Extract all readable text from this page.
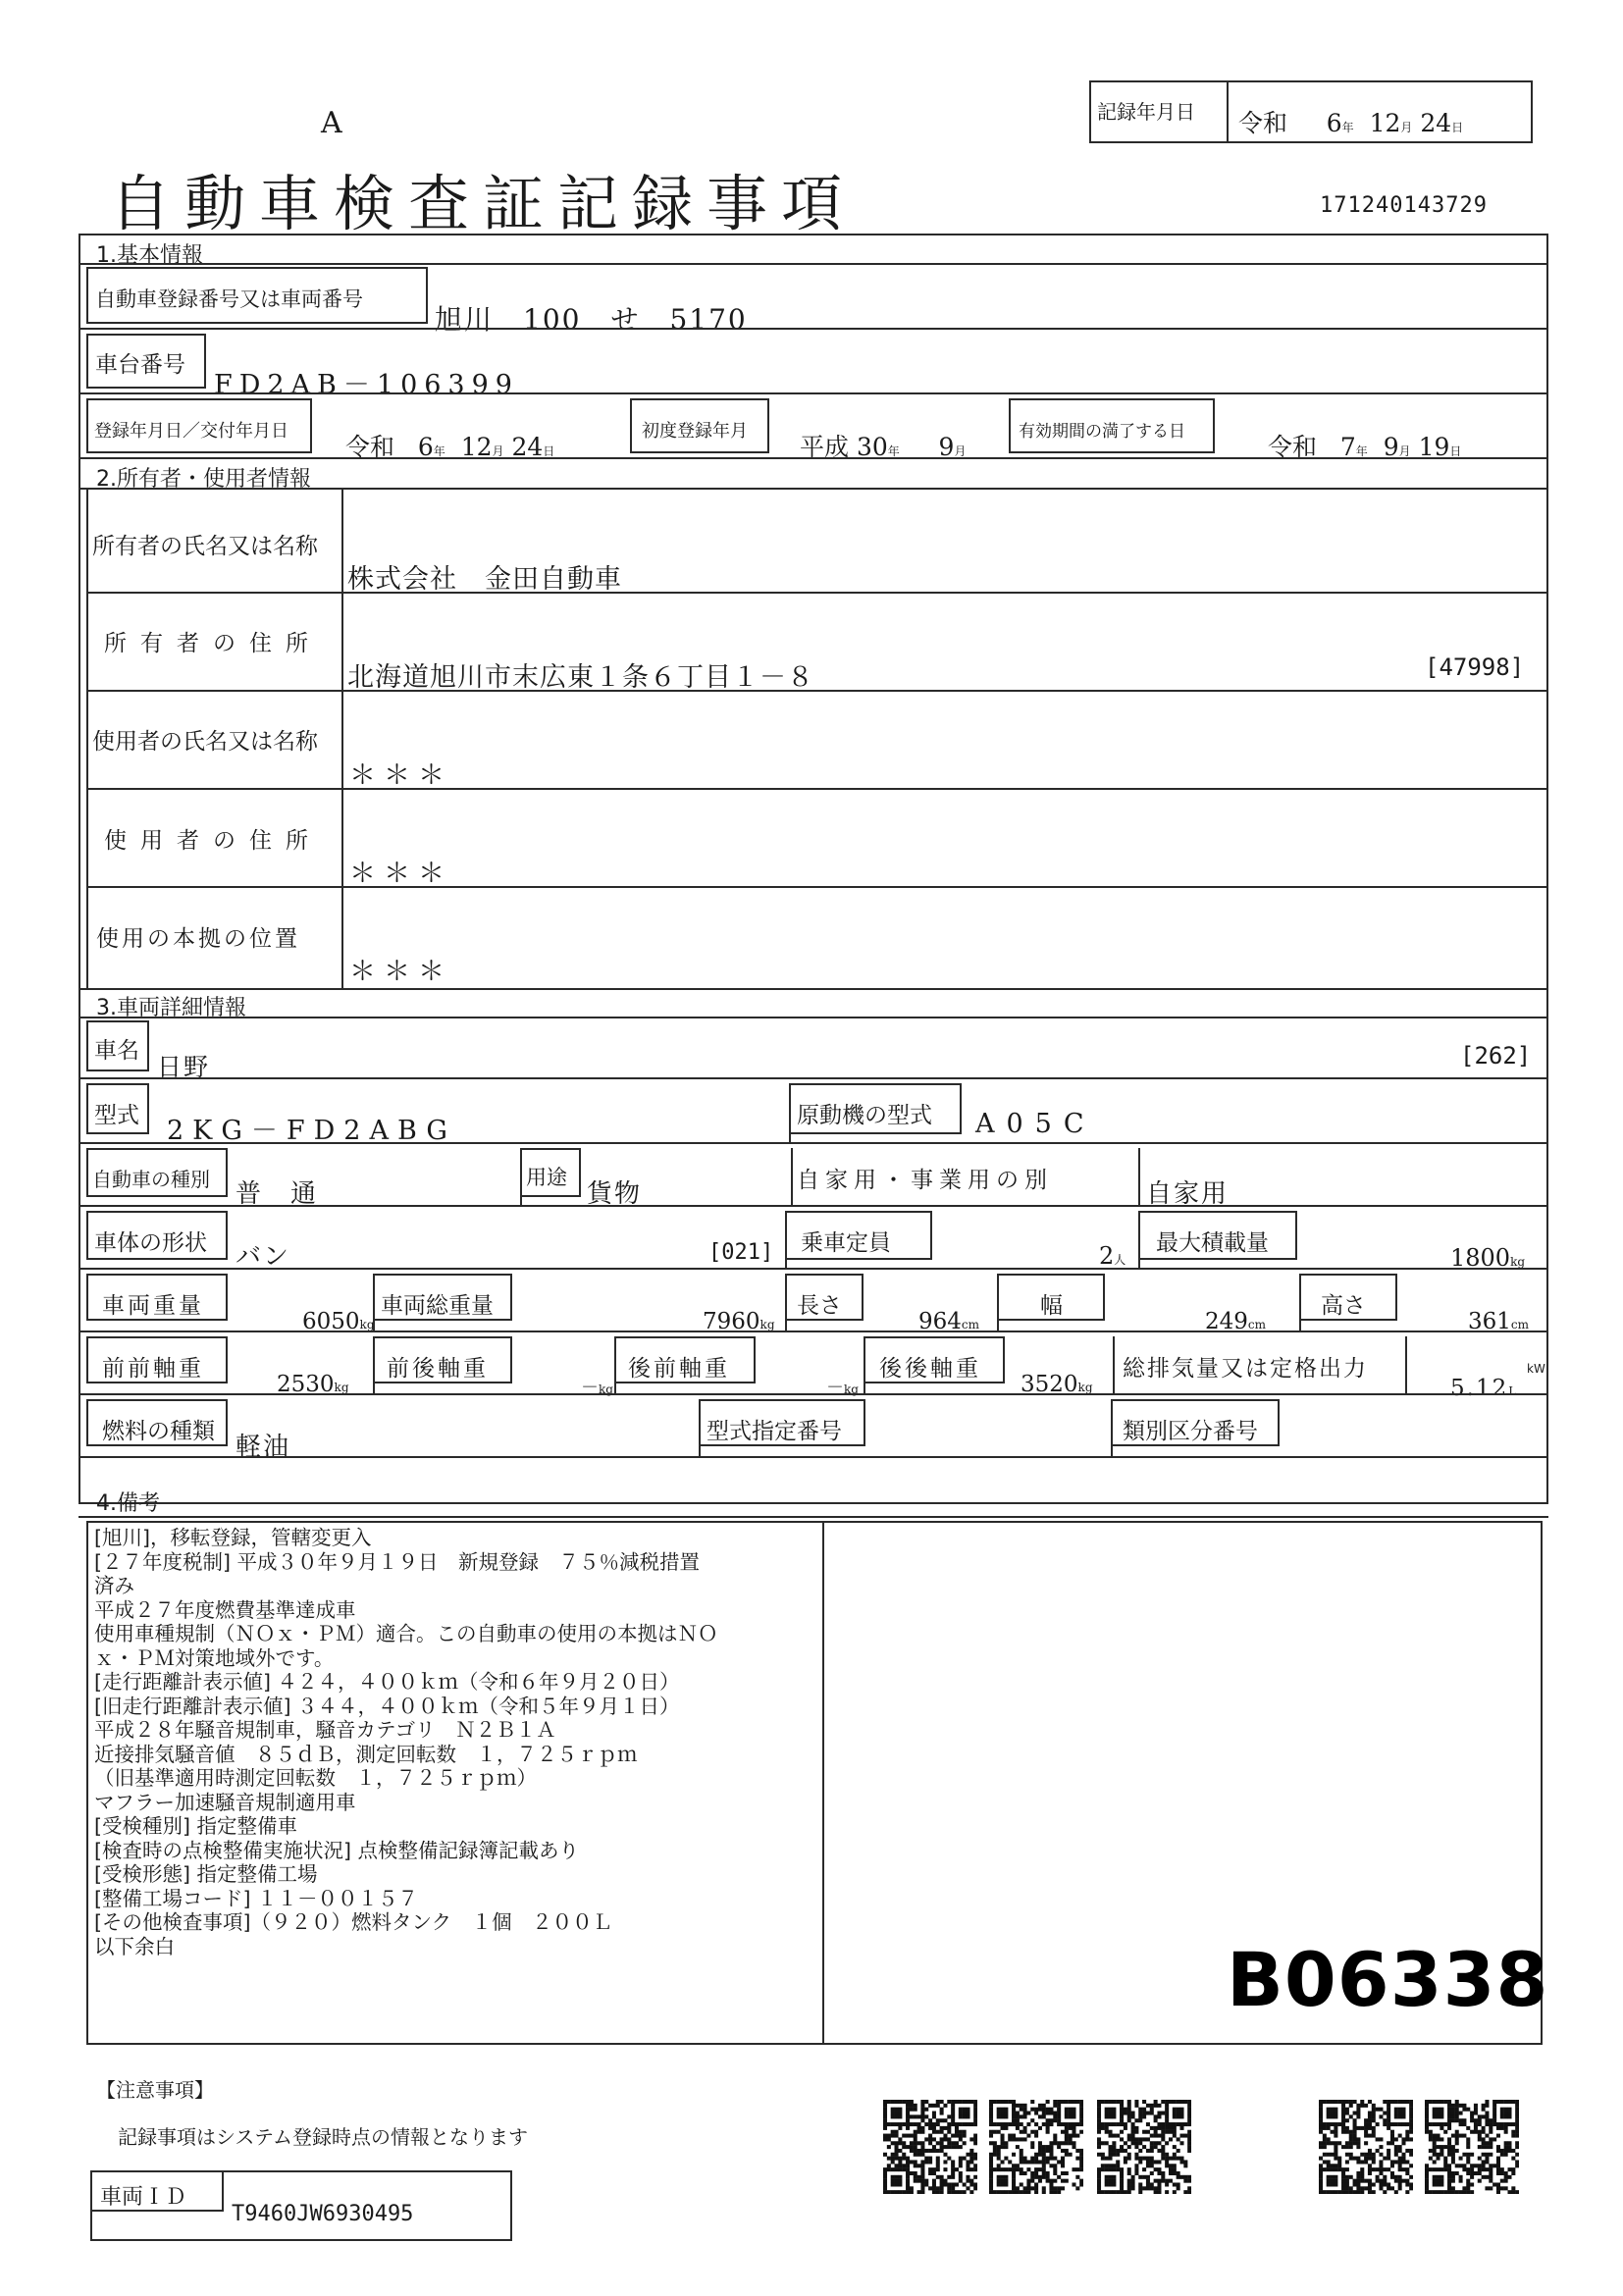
A
自動車検査証記録事項
記録年月日 令和 6年 12月 24日
171240143729
1.基本情報
自動車登録番号又は車両番号
旭川　100　せ　5170
車台番号
FD2AB－106399
登録年月日／交付年月日
令和 6年 12月 24日
初度登録年月
平成 30年 9月
有効期間の満了する日
令和 7年 9月 19日
2.所有者・使用者情報
所有者の氏名又は名称
株式会社　金田自動車
所有者の住所
北海道旭川市末広東１条６丁目１－８	[47998]
使用者の氏名又は名称
＊＊＊
使用者の住所
＊＊＊
使用の本拠の位置
＊＊＊
3.車両詳細情報
車名
日野	[262]
型式 2KG－FD2ABG	原動機の型式 A05C
自動車の種別 普　通
用途
貨物	自家用・事業用の別	自家用
車体の形状 バン	[021] 乗車定員	2人
最大積載量
1800kg
車両重量
6050kg
車両総重量
7960kg
長さ
964cm
幅
249cm
高さ
361cm
前前軸重
2530kg
前後軸重
－kg
後前軸重
－kg
後後軸重
3520kg
総排気量又は定格出力	kW
5.12L
燃料の種類
軽油
型式指定番号	類別区分番号
4.備考
[旭川]，移転登録，管轄変更入
[２７年度税制] 平成３０年９月１９日　新規登録　７５％減税措置
済み
平成２７年度燃費基準達成車
使用車種規制（ＮＯｘ・ＰＭ）適合。この自動車の使用の本拠はＮＯ
ｘ・ＰＭ対策地域外です。
[走行距離計表示値] ４２４，４００ｋｍ（令和６年９月２０日）
[旧走行距離計表示値] ３４４，４００ｋｍ（令和５年９月１日）
平成２８年騒音規制車，騒音カテゴリ　Ｎ２Ｂ１Ａ
近接排気騒音値　８５ｄＢ，測定回転数　１，７２５ｒｐｍ
（旧基準適用時測定回転数　１，７２５ｒｐｍ）
マフラー加速騒音規制適用車
[受検種別] 指定整備車
[検査時の点検整備実施状況] 点検整備記録簿記載あり
[受検形態] 指定整備工場
[整備工場コード] １１－００１５７
[その他検査事項]（９２０）燃料タンク　１個　２００Ｌ
以下余白	B06338
【注意事項】
記録事項はシステム登録時点の情報となります
車両ＩＤ
T9460JW6930495
